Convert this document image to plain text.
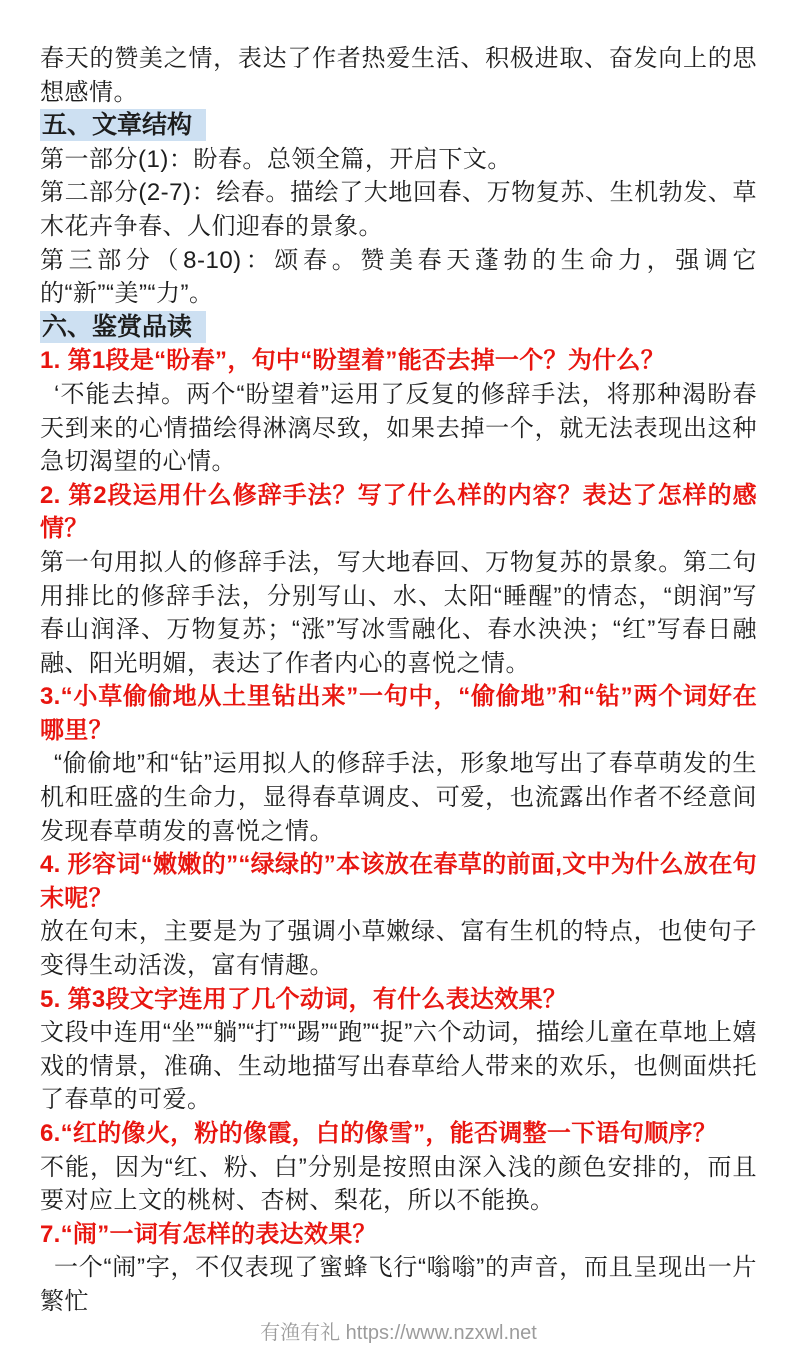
春天的赞美之情，表达了作者热爱生活、积极进取、奋发向上的思想感情。

五、文章结构

第一部分(1)：盼春。总领全篇，开启下文。

第二部分(2-7)：绘春。描绘了大地回春、万物复苏、生机勃发、草木花卉争春、人们迎春的景象。

第三部分（8-10)：颂春。赞美春天蓬勃的生命力，强调它的“新”“美”“力”。

六、鉴赏品读

1. 第1段是“盼春”，句中“盼望着”能否去掉一个？为什么？

‘不能去掉。两个“盼望着”运用了反复的修辞手法，将那种渴盼春天到来的心情描绘得淋漓尽致，如果去掉一个，就无法表现出这种急切渴望的心情。

2. 第2段运用什么修辞手法？写了什么样的内容？表达了怎样的感情？

第一句用拟人的修辞手法，写大地春回、万物复苏的景象。第二句用排比的修辞手法，分别写山、水、太阳“睡醒”的情态，“朗润”写春山润泽、万物复苏；“涨”写冰雪融化、春水泱泱；“红”写春日融融、阳光明媚，表达了作者内心的喜悦之情。

3.“小草偷偷地从土里钻出来”一句中，“偷偷地”和“钻”两个词好在哪里？

“偷偷地”和“钻”运用拟人的修辞手法，形象地写出了春草萌发的生机和旺盛的生命力，显得春草调皮、可爱，也流露出作者不经意间发现春草萌发的喜悦之情。

4. 形容词“嫩嫩的”“绿绿的”本该放在春草的前面,文中为什么放在句末呢？

放在句末，主要是为了强调小草嫩绿、富有生机的特点，也使句子变得生动活泼，富有情趣。

5. 第3段文字连用了几个动词，有什么表达效果？

文段中连用“坐”“躺”“打”“踢”“跑”“捉”六个动词，描绘儿童在草地上嬉戏的情景，准确、生动地描写出春草给人带来的欢乐，也侧面烘托了春草的可爱。

6.“红的像火，粉的像霞，白的像雪”，能否调整一下语句顺序？

不能，因为“红、粉、白”分别是按照由深入浅的颜色安排的，而且要对应上文的桃树、杏树、梨花，所以不能换。

7.“闹”一词有怎样的表达效果？

一个“闹”字，不仅表现了蜜蜂飞行“嗡嗡”的声音，而且呈现出一片繁忙

有渔有礼 https://www.nzxwl.net
